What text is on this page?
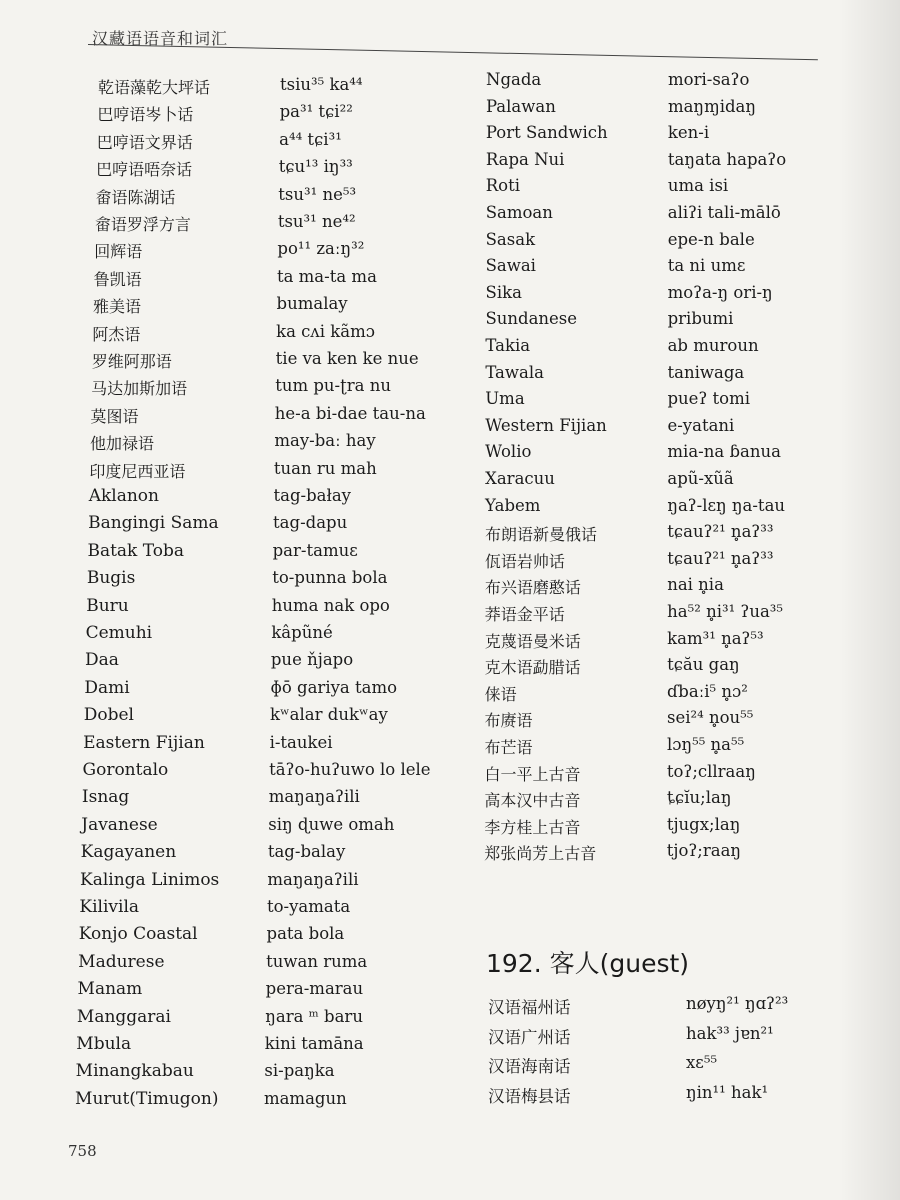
汉藏语语音和词汇
乾语藻乾大坪话	tsiu³⁵ ka⁴⁴
巴哼语岑卜话	pa³¹ tɕi²²
巴哼语文界话	a⁴⁴ tɕi³¹
巴哼语唔奈话	tɕu¹³ iŋ³³
畲语陈湖话	tsu³¹ ne⁵³
畲语罗浮方言	tsu³¹ ne⁴²
回辉语	po¹¹ zaːŋ³²
鲁凯语	ta ma-ta ma
雅美语	bumalay
阿杰语	ka cʌi kãmɔ
罗维阿那语	tie va ken ke nue
马达加斯加语	tum pu-ʈra nu
莫图语	he-a bi-dae tau-na
他加禄语	may-baː hay
印度尼西亚语	tuan ru mah
Aklanon	tag-bałay
Bangingi Sama	tag-dapu
Batak Toba	par-tamuɛ
Bugis	to-punna bola
Buru	huma nak opo
Cemuhi	kâpũné
Daa	pue ňjapo
Dami	ɸō gariya tamo
Dobel	kʷalar dukʷay
Eastern Fijian	i-taukei
Gorontalo	tāʔo-huʔuwo lo lele
Isnag	maŋaŋaʔili
Javanese	siŋ ɖuwe omah
Kagayanen	tag-balay
Kalinga Linimos	maŋaŋaʔili
Kilivila	to-yamata
Konjo Coastal	pata bola
Madurese	tuwan ruma
Manam	pera-marau
Manggarai	ŋara ᵐ baru
Mbula	kini tamāna
Minangkabau	si-paŋka
Murut(Timugon)	mamagun
Ngada	mori-saʔo
Palawan	maŋɱidaŋ
Port Sandwich	ken-i
Rapa Nui	taŋata hapaʔo
Roti	uma isi
Samoan	aliʔi tali-mālō
Sasak	epe-n bale
Sawai	ta ni umɛ
Sika	moʔa-ŋ ori-ŋ
Sundanese	pribumi
Takia	ab muroun
Tawala	taniwaga
Uma	pueʔ tomi
Western Fijian	e-yatani
Wolio	mia-na ɓanua
Xaracuu	apũ-xũã
Yabem	ŋaʔ-lɛŋ ŋa-tau
布朗语新曼俄话	tɕauʔ²¹ n̥aʔ³³
佤语岩帅话	tɕauʔ²¹ n̥aʔ³³
布兴语磨憨话	nai n̥ia
莽语金平话	ha⁵² n̥i³¹ ʔua³⁵
克蔑语曼米话	kam³¹ n̥aʔ⁵³
克木语勐腊话	tɕău gaŋ
俫语	ɗbaːi⁵ n̥ɔ²
布赓语	sei²⁴ n̥ou⁵⁵
布芒语	lɔŋ⁵⁵ n̥a⁵⁵
白一平上古音	toʔ;cllraaŋ
高本汉中古音	ȶɕĭu;laŋ
李方桂上古音	tjugx;laŋ
郑张尚芳上古音	tjoʔ;raaŋ
192. 客人(guest)
汉语福州话	nøyŋ²¹ ŋɑʔ²³
汉语广州话	hak³³ jɐn²¹
汉语海南话	xɛ⁵⁵
汉语梅县话	ŋin¹¹ hak¹
758
